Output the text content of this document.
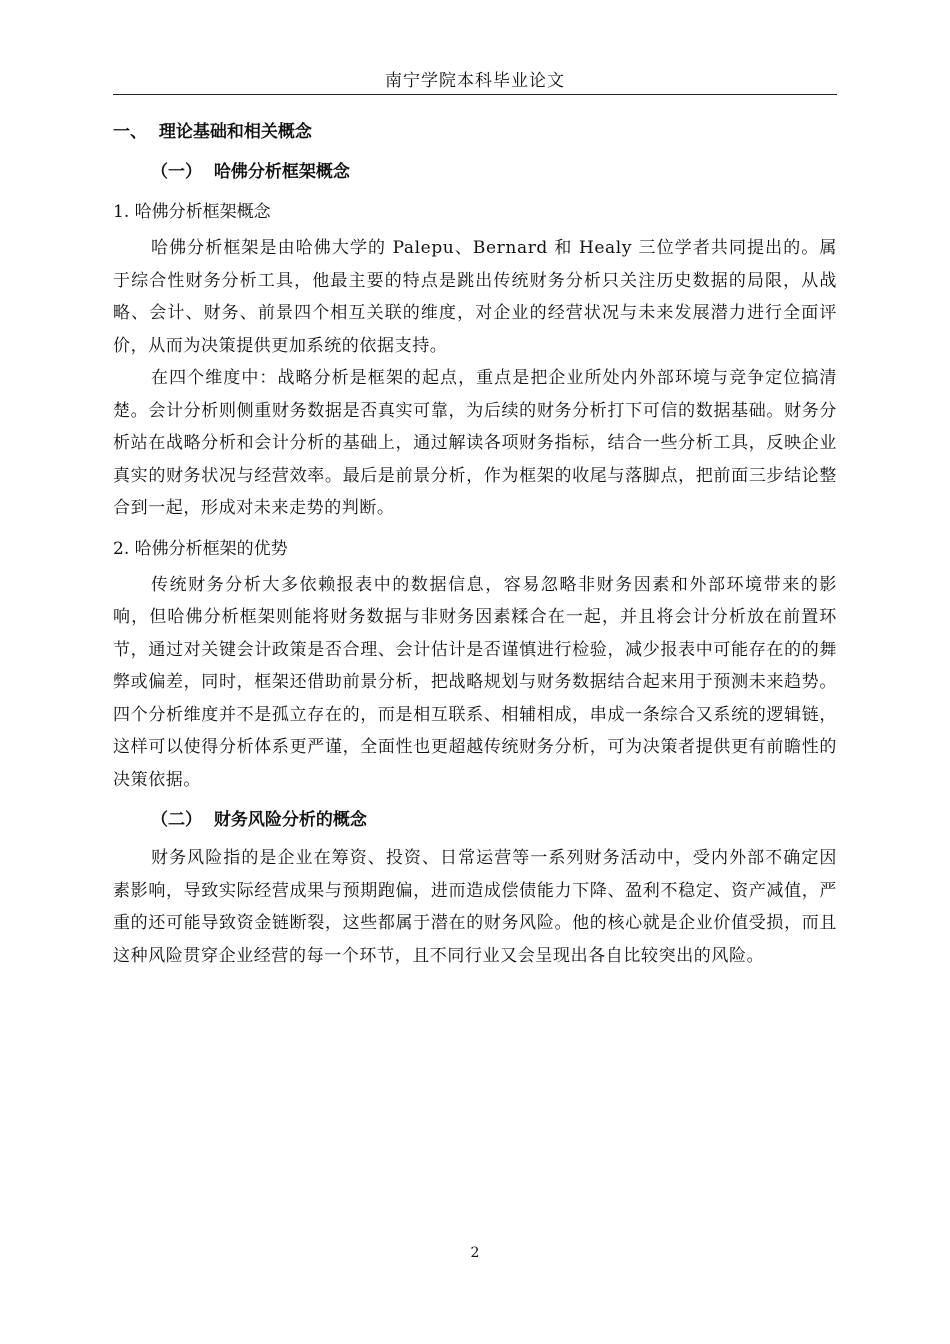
南宁学院本科毕业论文
一、  理论基础和相关概念
（一）  哈佛分析框架概念
1. 哈佛分析框架概念

哈佛分析框架是由哈佛大学的 Palepu、Bernard 和 Healy 三位学者共同提出的。属于综合性财务分析工具，他最主要的特点是跳出传统财务分析只关注历史数据的局限，从战略、会计、财务、前景四个相互关联的维度，对企业的经营状况与未来发展潜力进行全面评价，从而为决策提供更加系统的依据支持。

在四个维度中：战略分析是框架的起点，重点是把企业所处内外部环境与竞争定位搞清楚。会计分析则侧重财务数据是否真实可靠，为后续的财务分析打下可信的数据基础。财务分析站在战略分析和会计分析的基础上，通过解读各项财务指标，结合一些分析工具，反映企业真实的财务状况与经营效率。最后是前景分析，作为框架的收尾与落脚点，把前面三步结论整合到一起，形成对未来走势的判断。

2. 哈佛分析框架的优势

传统财务分析大多依赖报表中的数据信息，容易忽略非财务因素和外部环境带来的影响，但哈佛分析框架则能将财务数据与非财务因素糅合在一起，并且将会计分析放在前置环节，通过对关键会计政策是否合理、会计估计是否谨慎进行检验，减少报表中可能存在的的舞弊或偏差，同时，框架还借助前景分析，把战略规划与财务数据结合起来用于预测未来趋势。四个分析维度并不是孤立存在的，而是相互联系、相辅相成，串成一条综合又系统的逻辑链，这样可以使得分析体系更严谨，全面性也更超越传统财务分析，可为决策者提供更有前瞻性的决策依据。

（二）  财务风险分析的概念

财务风险指的是企业在筹资、投资、日常运营等一系列财务活动中，受内外部不确定因素影响，导致实际经营成果与预期跑偏，进而造成偿债能力下降、盈利不稳定、资产减值，严重的还可能导致资金链断裂，这些都属于潜在的财务风险。他的核心就是企业价值受损，而且这种风险贯穿企业经营的每一个环节，且不同行业又会呈现出各自比较突出的风险。

2
